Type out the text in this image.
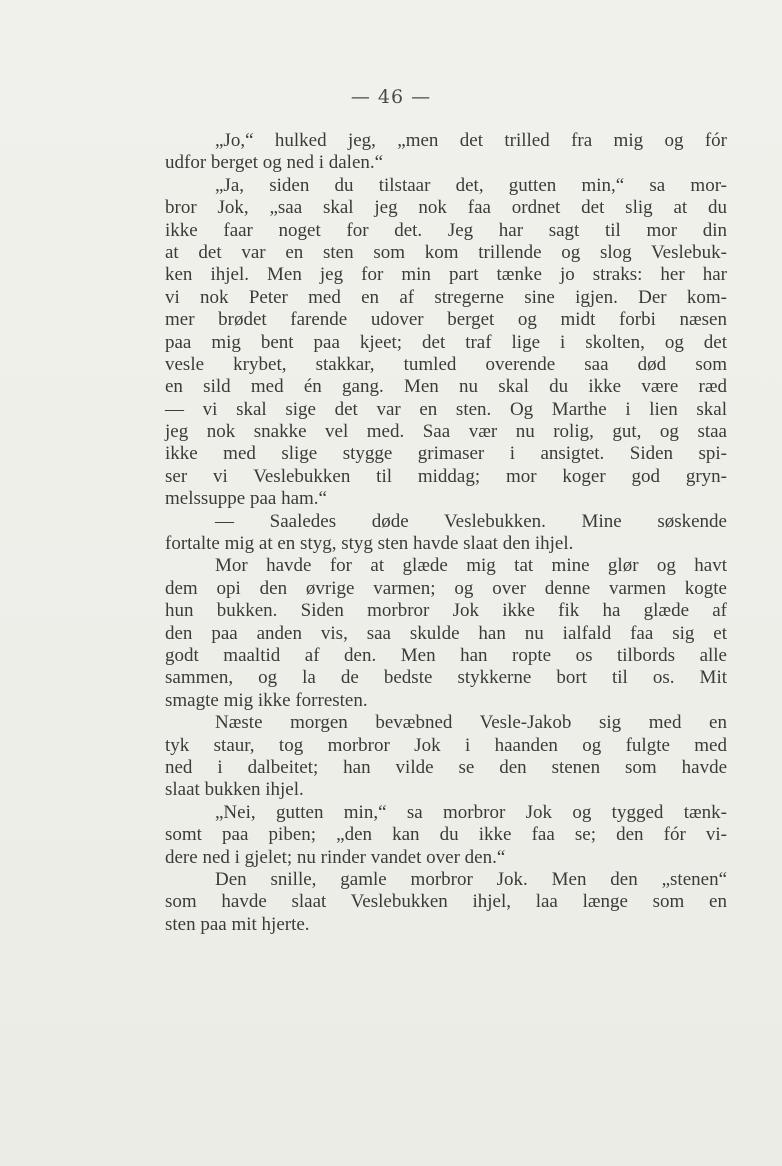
— 46 —
„Jo,“ hulked jeg, „men det trilled fra mig og fór
udfor berget og ned i dalen.“
„Ja, siden du tilstaar det, gutten min,“ sa mor-
bror Jok, „saa skal jeg nok faa ordnet det slig at du
ikke faar noget for det. Jeg har sagt til mor din
at det var en sten som kom trillende og slog Veslebuk-
ken ihjel. Men jeg for min part tænke jo straks: her har
vi nok Peter med en af stregerne sine igjen. Der kom-
mer brødet farende udover berget og midt forbi næsen
paa mig bent paa kjeet; det traf lige i skolten, og det
vesle krybet, stakkar, tumled overende saa død som
en sild med én gang. Men nu skal du ikke være ræd
— vi skal sige det var en sten. Og Marthe i lien skal
jeg nok snakke vel med. Saa vær nu rolig, gut, og staa
ikke med slige stygge grimaser i ansigtet. Siden spi-
ser vi Veslebukken til middag; mor koger god gryn-
melssuppe paa ham.“
— Saaledes døde Veslebukken. Mine søskende
fortalte mig at en styg, styg sten havde slaat den ihjel.
Mor havde for at glæde mig tat mine glør og havt
dem opi den øvrige varmen; og over denne varmen kogte
hun bukken. Siden morbror Jok ikke fik ha glæde af
den paa anden vis, saa skulde han nu ialfald faa sig et
godt maaltid af den. Men han ropte os tilbords alle
sammen, og la de bedste stykkerne bort til os. Mit
smagte mig ikke forresten.
Næste morgen bevæbned Vesle-Jakob sig med en
tyk staur, tog morbror Jok i haanden og fulgte med
ned i dalbeitet; han vilde se den stenen som havde
slaat bukken ihjel.
„Nei, gutten min,“ sa morbror Jok og tygged tænk-
somt paa piben; „den kan du ikke faa se; den fór vi-
dere ned i gjelet; nu rinder vandet over den.“
Den snille, gamle morbror Jok. Men den „stenen“
som havde slaat Veslebukken ihjel, laa længe som en
sten paa mit hjerte.
